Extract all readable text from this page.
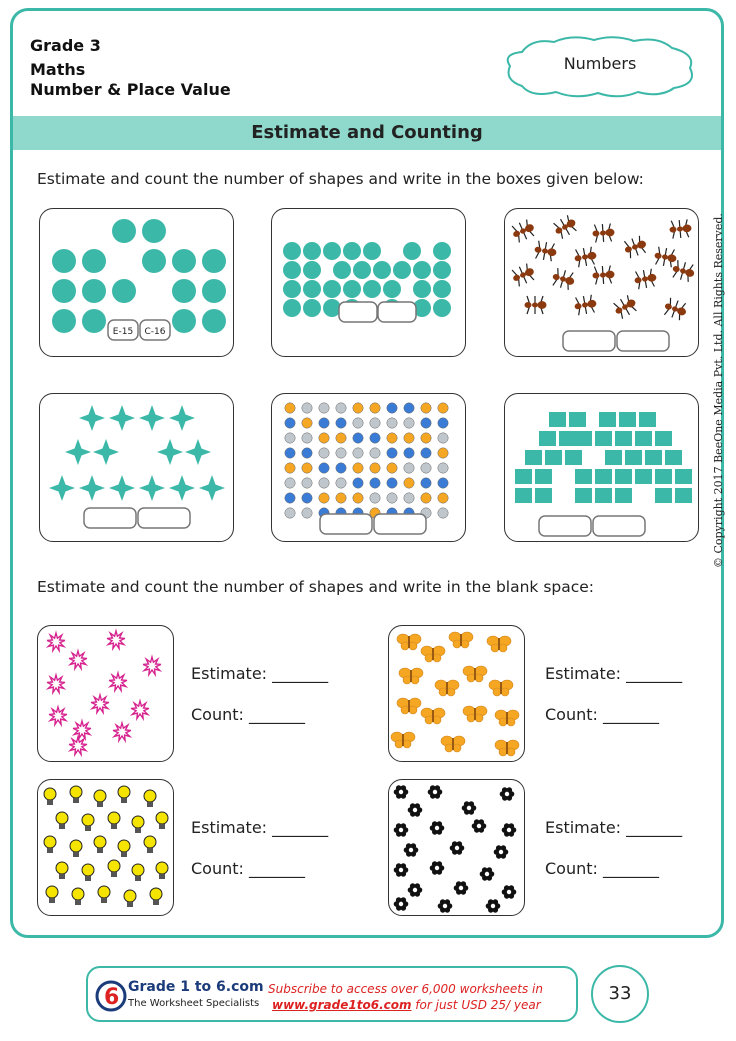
Grade 3
Maths
Number & Place Value
Numbers
Estimate and Counting
Estimate and count the number of shapes and write in the boxes given below:
E-15 C-16
Estimate and count the number of shapes and write in the blank space:
Estimate: _______
Count: _______
Estimate: _______
Count: _______
Estimate: _______
Count: _______
Estimate: _______
Count: _______
© Copyright 2017 BeeOne Media Pvt. Ltd. All Rights Reserved.
6 Grade 1 to 6.com
The Worksheet Specialists
Subscribe to access over 6,000 worksheets in
www.grade1to6.com for just USD 25/ year
33
